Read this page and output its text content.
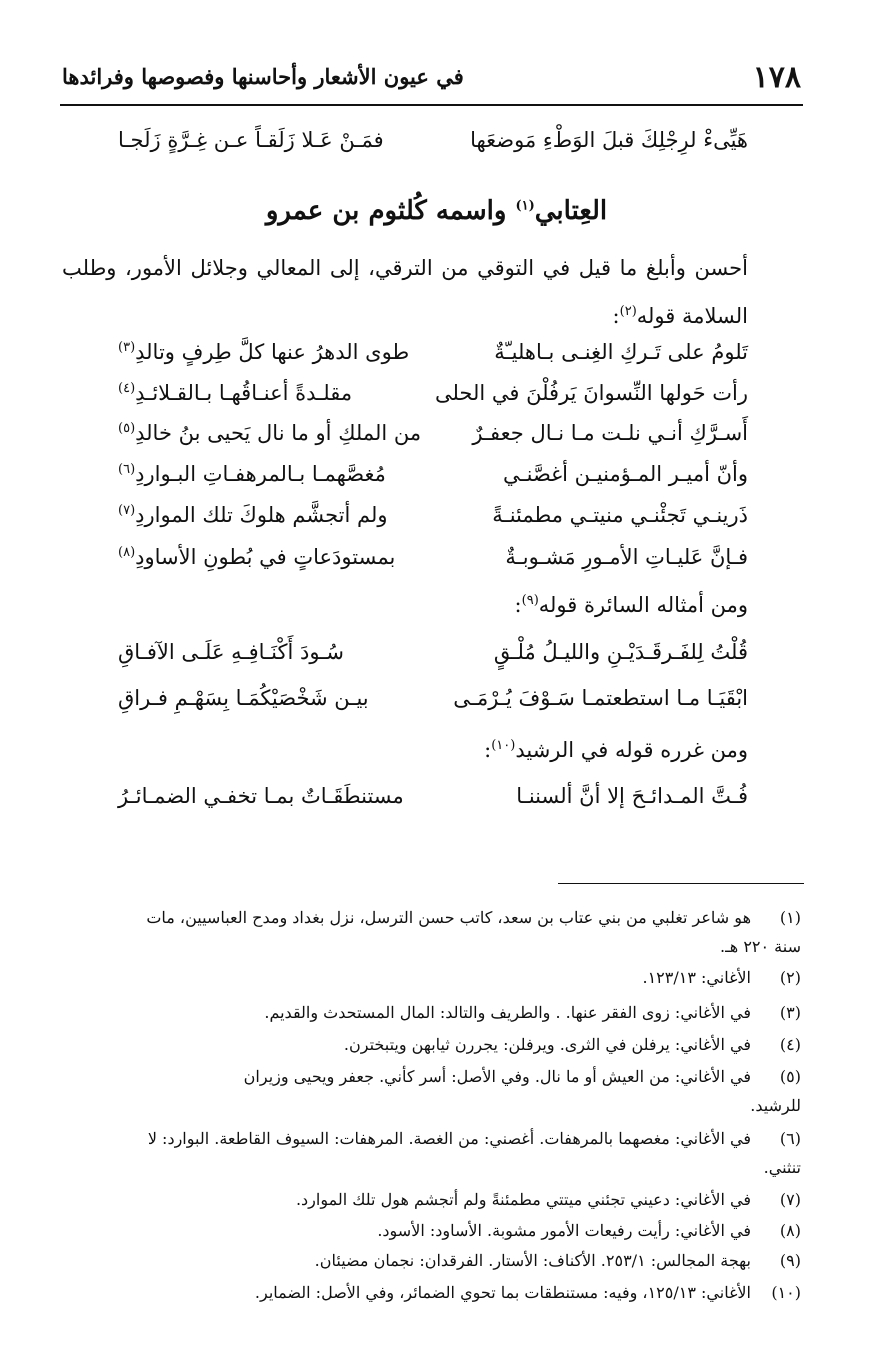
١٧٨
في عيون الأشعار وأحاسنها وفصوصها وفرائدها
هَيِّىءْ لرِجْلِكَ قبلَ الوَطْءِ مَوضعَها
فمَـنْ عَـلا زَلَقـاً عـن غِـرَّةٍ زَلَجـا
العِتابي$^{(١)}$ واسمه كُلثوم بن عمرو
أحسن وأبلغ ما قيل في التوقي من الترقي، إلى المعالي وجلائل الأمور، وطلب السلامة قوله$^{(٢)}$:
تَلومُ على تَـركِ الغِنـى بـاهليـّةٌ
طوى الدهرُ عنها كلَّ طِرفٍ وتالدِ$^{(٣)}$
رأت حَولها النِّسوانَ يَرفُلْنَ في الحلى
مقلـدةً أعنـاقُهـا بـالقـلائـدِ$^{(٤)}$
أَسـرَّكِ أنـي نلـت مـا نـال جعفـرٌ
من الملكِ أو ما نال يَحيى بنُ خالدِ$^{(٥)}$
وأنّ أميـر المـؤمنيـن أغصَّنـي
مُغصَّهمـا بـالمرهفـاتِ البـواردِ$^{(٦)}$
ذَرينـي تَجئْنـي منيتـي مطمئنـةً
ولم أتجشَّم هلوكَ تلك المواردِ$^{(٧)}$
فـإنَّ عَليـاتِ الأمـورِ مَشـوبـةٌ
بمستودَعاتٍ في بُطونِ الأساودِ$^{(٨)}$
ومن أمثاله السائرة قوله$^{(٩)}$:
قُلْتُ لِلفَـرقَـدَيْـنِ والليـلُ مُلْـقٍ
سُـودَ أَكْنَـافِـهِ عَلَـى الآفـاقِ
ابْقَيَـا مـا استطعتمـا سَـوْفَ يُـرْمَـى
بيـن شَخْصَيْكُمَـا بِسَهْـمِ فـراقِ
ومن غرره قوله في الرشيد$^{(١٠)}$:
فُـتَّ المـدائـحَ إلا أنَّ ألسننـا
مستنطَقَـاتٌ بمـا تخفـي الضمـائـرُ
(١)هو شاعر تغلبي من بني عتاب بن سعد، كاتب حسن الترسل، نزل بغداد ومدح العباسيين، مات
سنة ٢٢٠ هـ.
(٢)الأغاني: ١٢٣/١٣.
(٣)في الأغاني: زوى الفقر عنها. . والطريف والتالد: المال المستحدث والقديم.
(٤)في الأغاني: يرفلن في الثرى. ويرفلن: يجررن ثيابهن ويتبخترن.
(٥)في الأغاني: من العيش أو ما نال. وفي الأصل: أسر كأني. جعفر ويحيى وزيران
للرشيد.
(٦)في الأغاني: مغصهما بالمرهفات. أغصني: من الغصة. المرهفات: السيوف القاطعة. البوارد: لا
تنثني.
(٧)في الأغاني: دعيني تجئني ميتتي مطمئنةً ولم أتجشم هول تلك الموارد.
(٨)في الأغاني: رأيت رفيعات الأمور مشوبة. الأساود: الأسود.
(٩)بهجة المجالس: ٢٥٣/١. الأكناف: الأستار. الفرقدان: نجمان مضيئان.
(١٠)الأغاني: ١٢٥/١٣، وفيه: مستنطقات بما تحوي الضمائر، وفي الأصل: الضماير.
